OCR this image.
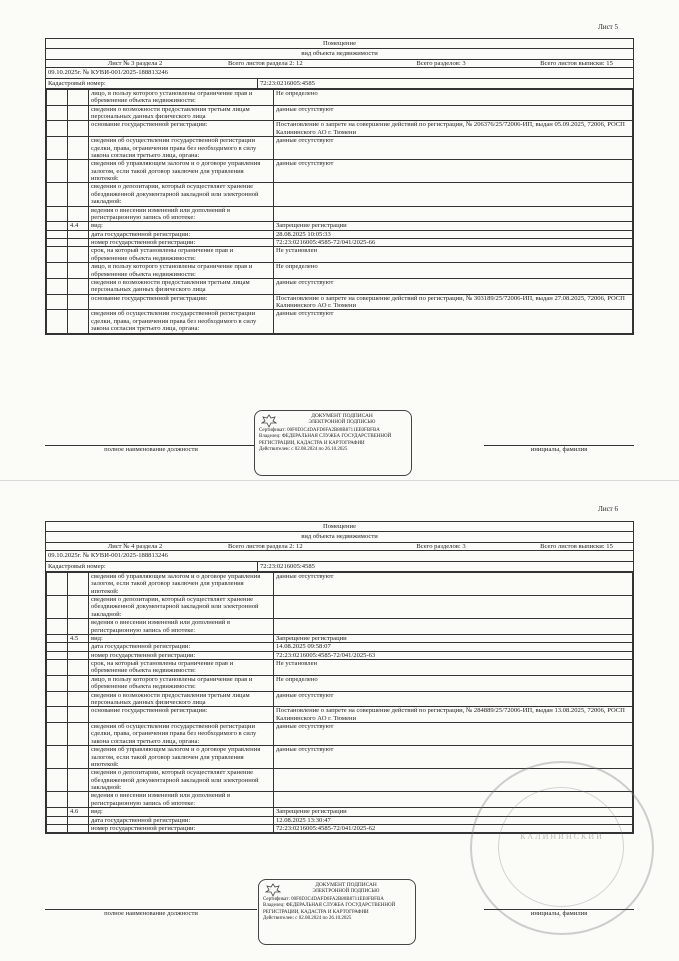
Лист 5
Помещение
вид объекта недвижимости
Лист № 3 раздела 2	Всего листов раздела 2: 12	Всего разделов: 3	Всего листов выписки: 15
09.10.2025г. № КУВИ-001/2025-188813246
Кадастровый номер:	72:23:0216005:4585
		лицо, в пользу которого установлены ограничение прав и обременение объекта недвижимости:	Не определено
		сведения о возможности предоставления третьим лицам персональных данных физического лица	данные отсутствуют
		основание государственной регистрации:	Постановление о запрете на совершение действий по регистрации, № 206376/25/72006-ИП, выдан 05.09.2025, 72006, РОСП Калининского АО г. Тюмени
		сведения об осуществлении государственной регистрации сделки, права, ограничения права без необходимого в силу закона согласия третьего лица, органа:	данные отсутствуют
		сведения об управляющем залогом и о договоре управления залогом, если такой договор заключен для управления ипотекой:	данные отсутствуют
		сведения о депозитарии, который осуществляет хранение обездвиженной документарной закладной или электронной закладной:	
		ведения о внесении изменений или дополнений в регистрационную запись об ипотеке:	
	4.4	вид:	Запрещение регистрации
		дата государственной регистрации:	28.08.2025 10:05:33
		номер государственной регистрации:	72:23:0216005:4585-72/041/2025-66
		срок, на который установлены ограничение прав и обременение объекта недвижимости:	Не установлен
		лицо, в пользу которого установлены ограничение прав и обременение объекта недвижимости:	Не определено
		сведения о возможности предоставления третьим лицам персональных данных физического лица	данные отсутствуют
		основание государственной регистрации:	Постановление о запрете на совершение действий по регистрации, № 303189/25/72006-ИП, выдан 27.08.2025, 72006, РОСП Калининского АО г. Тюмени
		сведения об осуществлении государственной регистрации сделки, права, ограничения права без необходимого в силу закона согласия третьего лица, органа:	данные отсутствуют
полное наименование должности	инициалы, фамилия
ДОКУМЕНТ ПОДПИСАН
ЭЛЕКТРОННОЙ ПОДПИСЬЮ
Сертификат: 00F0D3C4DAFD6FA2B80B8711EE0FBFBA
Владелец: ФЕДЕРАЛЬНАЯ СЛУЖБА ГОСУДАРСТВЕННОЙ РЕГИСТРАЦИИ, КАДАСТРА И КАРТОГРАФИИ
Действителен: с 02.08.2024 по 26.10.2025
Лист 6
Помещение
вид объекта недвижимости
Лист № 4 раздела 2	Всего листов раздела 2: 12	Всего разделов: 3	Всего листов выписки: 15
09.10.2025г. № КУВИ-001/2025-188813246
Кадастровый номер:	72:23:0216005:4585
		сведения об управляющем залогом и о договоре управления залогом, если такой договор заключен для управления ипотекой:	данные отсутствуют
		сведения о депозитарии, который осуществляет хранение обездвиженной документарной закладной или электронной закладной:	
		ведения о внесении изменений или дополнений в регистрационную запись об ипотеке:	
	4.5	вид:	Запрещение регистрации
		дата государственной регистрации:	14.08.2025 09:58:07
		номер государственной регистрации:	72:23:0216005:4585-72/041/2025-63
		срок, на который установлены ограничение прав и обременение объекта недвижимости:	Не установлен
		лицо, в пользу которого установлены ограничение прав и обременение объекта недвижимости:	Не определено
		сведения о возможности предоставления третьим лицам персональных данных физического лица	данные отсутствуют
		основание государственной регистрации:	Постановление о запрете на совершение действий по регистрации, № 284889/25/72006-ИП, выдан 13.08.2025, 72006, РОСП Калининского АО г. Тюмени
		сведения об осуществлении государственной регистрации сделки, права, ограничения права без необходимого в силу закона согласия третьего лица, органа:	данные отсутствуют
		сведения об управляющем залогом и о договоре управления залогом, если такой договор заключен для управления ипотекой:	данные отсутствуют
		сведения о депозитарии, который осуществляет хранение обездвиженной документарной закладной или электронной закладной:	
		ведения о внесении изменений или дополнений в регистрационную запись об ипотеке:	
	4.6	вид:	Запрещение регистрации
		дата государственной регистрации:	12.08.2025 13:30:47
		номер государственной регистрации:	72:23:0216005:4585-72/041/2025-62
КАЛИНИНСКИЙ
полное наименование должности	инициалы, фамилия
ДОКУМЕНТ ПОДПИСАН
ЭЛЕКТРОННОЙ ПОДПИСЬЮ
Сертификат: 00F0D3C4DAFD6FA2B80B8711EE0FBFBA
Владелец: ФЕДЕРАЛЬНАЯ СЛУЖБА ГОСУДАРСТВЕННОЙ РЕГИСТРАЦИИ, КАДАСТРА И КАРТОГРАФИИ
Действителен: с 02.08.2024 по 26.10.2025
